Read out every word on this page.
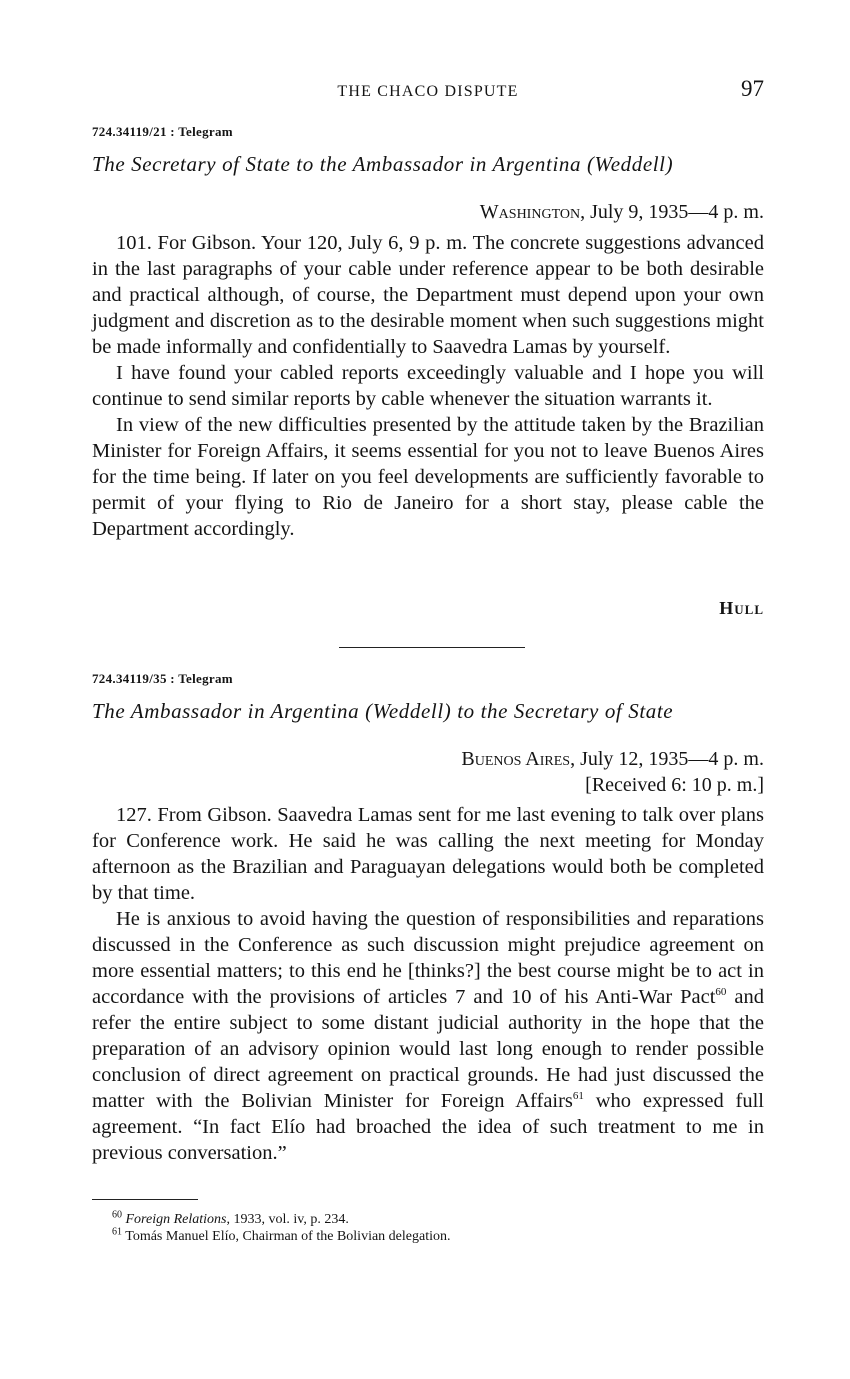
THE CHACO DISPUTE	97
724.34119/21 : Telegram
The Secretary of State to the Ambassador in Argentina (Weddell)
Washington, July 9, 1935—4 p. m.

101. For Gibson. Your 120, July 6, 9 p. m. The concrete suggestions advanced in the last paragraphs of your cable under reference appear to be both desirable and practical although, of course, the Department must depend upon your own judgment and discretion as to the desirable moment when such suggestions might be made informally and confidentially to Saavedra Lamas by yourself.

I have found your cabled reports exceedingly valuable and I hope you will continue to send similar reports by cable whenever the situation warrants it.

In view of the new difficulties presented by the attitude taken by the Brazilian Minister for Foreign Affairs, it seems essential for you not to leave Buenos Aires for the time being. If later on you feel developments are sufficiently favorable to permit of your flying to Rio de Janeiro for a short stay, please cable the Department accordingly.

Hull
724.34119/35 : Telegram
The Ambassador in Argentina (Weddell) to the Secretary of State
Buenos Aires, July 12, 1935—4 p. m.
[Received 6: 10 p. m.]

127. From Gibson. Saavedra Lamas sent for me last evening to talk over plans for Conference work. He said he was calling the next meeting for Monday afternoon as the Brazilian and Paraguayan delegations would both be completed by that time.

He is anxious to avoid having the question of responsibilities and reparations discussed in the Conference as such discussion might prejudice agreement on more essential matters; to this end he [thinks?] the best course might be to act in accordance with the provisions of articles 7 and 10 of his Anti-War Pact$^{60}$ and refer the entire subject to some distant judicial authority in the hope that the preparation of an advisory opinion would last long enough to render possible conclusion of direct agreement on practical grounds. He had just discussed the matter with the Bolivian Minister for Foreign Affairs$^{61}$ who expressed full agreement. “In fact Elío had broached the idea of such treatment to me in previous conversation.”

$^{60}$ Foreign Relations, 1933, vol. iv, p. 234.
$^{61}$ Tomás Manuel Elío, Chairman of the Bolivian delegation.
